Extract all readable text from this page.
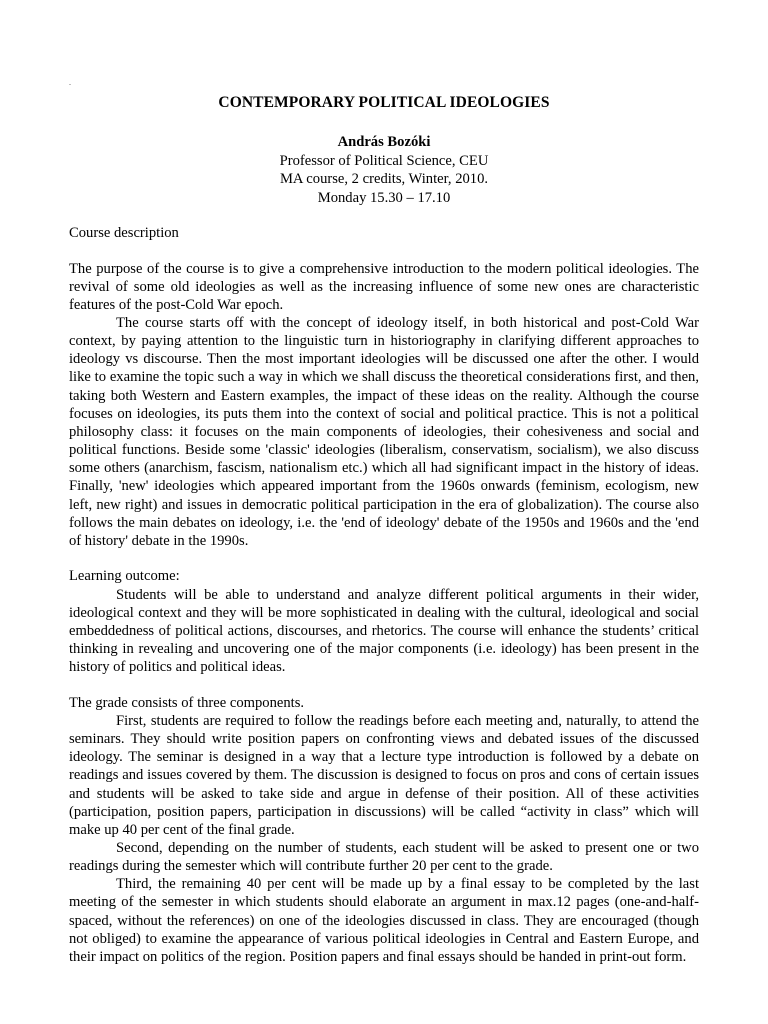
.
CONTEMPORARY POLITICAL IDEOLOGIES
András Bozóki
Professor of Political Science, CEU
MA course, 2 credits, Winter, 2010.
Monday 15.30 – 17.10

Course description

The purpose of the course is to give a comprehensive introduction to the modern political ideologies. The revival of some old ideologies as well as the increasing influence of some new ones are characteristic features of the post-Cold War epoch.

The course starts off with the concept of ideology itself, in both historical and post-Cold War context, by paying attention to the linguistic turn in historiography in clarifying different approaches to ideology vs discourse. Then the most important ideologies will be discussed one after the other. I would like to examine the topic such a way in which we shall discuss the theoretical considerations first, and then, taking both Western and Eastern examples, the impact of these ideas on the reality. Although the course focuses on ideologies, its puts them into the context of social and political practice. This is not a political philosophy class: it focuses on the main components of ideologies, their cohesiveness and social and political functions. Beside some 'classic' ideologies (liberalism, conservatism, socialism), we also discuss some others (anarchism, fascism, nationalism etc.) which all had significant impact in the history of ideas. Finally, 'new' ideologies which appeared important from the 1960s onwards (feminism, ecologism, new left, new right) and issues in democratic political participation in the era of globalization). The course also follows the main debates on ideology, i.e. the 'end of ideology' debate of the 1950s and 1960s and the 'end of history' debate in the 1990s.

Learning outcome:

Students will be able to understand and analyze different political arguments in their wider, ideological context and they will be more sophisticated in dealing with the cultural, ideological and social embeddedness of political actions, discourses, and rhetorics. The course will enhance the students’ critical thinking in revealing and uncovering one of the major components (i.e. ideology) has been present in the history of politics and political ideas.

The grade consists of three components.

First, students are required to follow the readings before each meeting and, naturally, to attend the seminars. They should write position papers on confronting views and debated issues of the discussed ideology. The seminar is designed in a way that a lecture type introduction is followed by a debate on readings and issues covered by them. The discussion is designed to focus on pros and cons of certain issues and students will be asked to take side and argue in defense of their position. All of these activities (participation, position papers, participation in discussions) will be called “activity in class” which will make up 40 per cent of the final grade.

Second, depending on the number of students, each student will be asked to present one or two readings during the semester which will contribute further 20 per cent to the grade.

Third, the remaining 40 per cent will be made up by a final essay to be completed by the last meeting of the semester in which students should elaborate an argument in max.12 pages (one-and-half-spaced, without the references) on one of the ideologies discussed in class. They are encouraged (though not obliged) to examine the appearance of various political ideologies in Central and Eastern Europe, and their impact on politics of the region. Position papers and final essays should be handed in print-out form.
